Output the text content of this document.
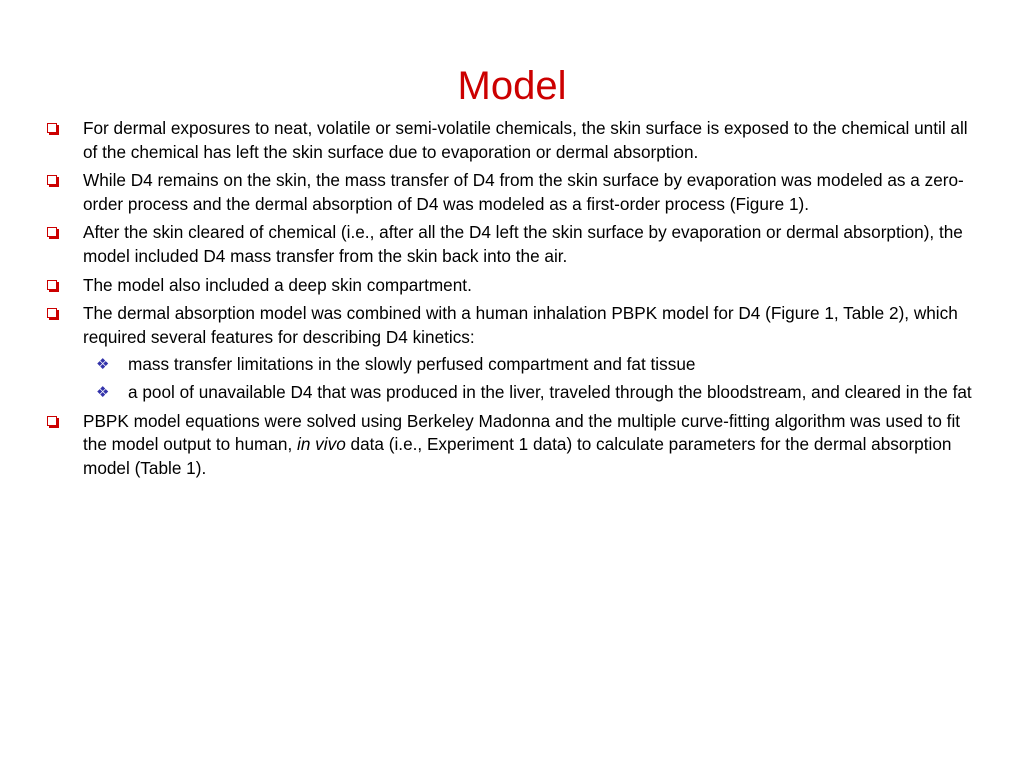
Model
For dermal exposures to neat, volatile or semi-volatile chemicals, the skin surface is exposed to the chemical until all of the chemical has left the skin surface due to evaporation or dermal absorption.
While D4 remains on the skin, the mass transfer of D4 from the skin surface by evaporation was modeled as a zero-order process and the dermal absorption of D4 was modeled as a first-order process (Figure 1).
After the skin cleared of chemical (i.e., after all the D4 left the skin surface by evaporation or dermal absorption), the model included D4 mass transfer from the skin back into the air.
The model also included a deep skin compartment.
The dermal absorption model was combined with a human inhalation PBPK model for D4 (Figure 1, Table 2), which required several features for describing D4 kinetics:
❖ mass transfer limitations in the slowly perfused compartment and fat tissue
❖ a pool of unavailable D4 that was produced in the liver, traveled through the bloodstream, and cleared in the fat
PBPK model equations were solved using Berkeley Madonna and the multiple curve-fitting algorithm was used to fit the model output to human, in vivo data (i.e., Experiment 1 data) to calculate parameters for the dermal absorption model (Table 1).
